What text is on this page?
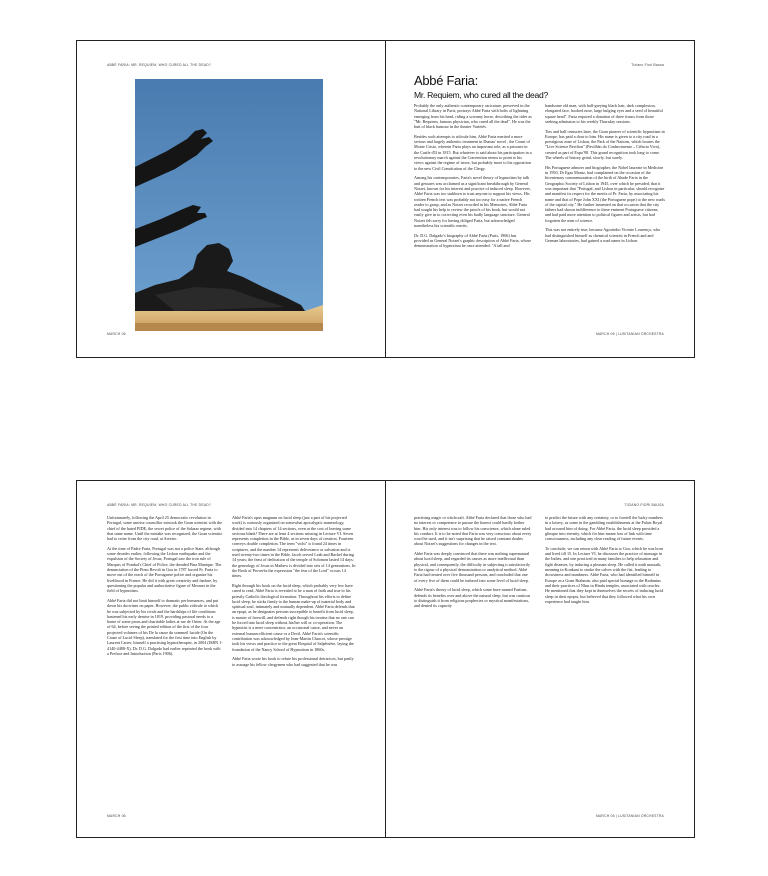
ABBÉ FARIA: MR. REQUIEM, WHO CURED ALL THE DEAD?
MARCH 06
Tiziano Fiori Bausa
Abbé Faria:
Mr. Requiem, who cured all the dead?

Probably the only authentic contemporary caricature, preserved in the National Library in Paris, portrays Abbé Faria with bolts of lightning emerging from his head, riding a screamy horse, describing the rider as "Mr. Requiem, famous physician, who cured all the dead". He was the butt of black humour in the theater Varietés.

Besides such attempts to ridicule him, Abbé Faria merited a more serious and largely authentic treatment in Dumas' novel , the Count of Monte Cristo, wherein Faria plays an important role, as a prisoner in the Castle d'If in 1815. But whatever is said about his participation in a revolutionary march against the Convention seems to point to his views against the regime of terror, but probably more to his opposition to the new Civil Constitution of the Clergy.

Among his contemporaries, Faria's novel theory of hypnotism by talk and gestures was acclaimed as a significant breakthrough by General Noizet, known for his interest and practice of induced sleep. However, Abbé Faria was too stubborn to trust anyone to support his views. His written French text was probably not too easy for a native French reader to grasp, and as Noizet recorded in his Memoires, Abbé Faria had sought his help to review the proofs of his book, but would not easily give in to correcting even his badly language structure. General Noizet felt sorry for having obliged Faria, but acknowledged nonetheless his scientific merits.

Dr. D.G. Dalgado's biography of Abbé Faria (Paris, 1906) has provided as General Noizet's graphic description of Abbé Faria, whose demonstration of hypnotism he once attended: "A tall and

handsome old man, with half-greying black hair, dark complexion, elongated face, hooked nose, large bulging eyes and a seed of beautiful square head". Faria required a donation of three francs from those seeking admission to his weekly Thursday sessions.

Ties and half centuries later, the Goan pioneer of scientific hypnotism in Europe, has paid a dour to him. His name is given to a city road in a prestigious zone of Lisbon, the Park of the Nations, which houses the "Live Science Pavilion" (Pavilhão do Conhecimento – Ciência Viva), created as part of Expo'98. This grand recognition took long to come. The wheels of history grind, slowly, but surely.

His Portuguese admirer and biographer, the Nobel laureate in Medicine in 1950, Dr Egas Moniz, had complained on the occasion of the bicentenary commemoration of the birth of Abade Faria in the Geographic Society of Lisbon in 1945, over which he presided, that it was important that "Portugal, and Lisbon in particular, should recognize and manifest its respect for the merits of Pr. Faria, by associating his name and that of Pope John XXI (the Portuguese pope) to the new roads of the capital city." He further lamented on that occasion that the city fathers had shown indifference to these eminent Portuguese citizens, and had paid more attention to political figures and artists, but had forgotten the men of science.

This was not entirely true, because Agostinho Vicente Lourenço, who had distinguished himself as chemical scientist in French and and German laboratories, had gained a road name in Lisbon.

MARCH 06 | LUSITANIAN ORCHESTRA
ABBÉ FARIA: MR. REQUIEM, WHO CURED ALL THE DEAD?

Unfortunately, following the April 25 democratic revolution in Portugal, some unwise councillor mistook the Goan scientist with the chief of the hated PIDE, the secret police of the Salazar regime, with that same name. Until the mistake was recognized, the Goan scientist had to retire from the city road, at Areeiro.

At the time of Padre Faria, Portugal was not a police State, although some decades earlier, following the Lisbon earthquake and the expulsion of the Society of Jesus, Portugal saw the iron rule of Marquis of Pombal's Chief of Police, the dreaded Pina Manique. The denunciation of the Pinto Revolt in Goa in 1787 forced Fr. Faria to move out of the reach of the Portuguese police and organize his livelihood in France. He did it with great creativity and fanfare, by questioning the popular and authoritative figure of Mesmer in the field of hypnotism.

Abbé Faria did not limit himself to dramatic performances, and put down his doctrines on paper. However, the public ridicule to which he was subjected by his rivals and the hardships of life conditions hastened his early demise in 1819, providing pastoral needs to a home of some pious and charitable ladies at rue de Ortier. At the age of 64, before seeing the printed edition of the first of the four projected volumes of his De la cause du sommeil lucide (On the Cause of Lucid Sleep), translated for the first time into English by Laurent Carrer, himself a practising hypnotherapist, in 2004 (ISBN 1-4140-4488-X). Dr. D.G. Dalgado had earlier reprinted the book with a Preface and Introduction (Paris 1906).

Abbé Faria's opus magnum on lucid sleep (just a part of his projected work) is curiously organized on somewhat apocalyptic numerology, divided into 14 chapters of 14 sections, even at the cost of leaving some sections blank! There are at least 4 sections missing in Lecture VI. Seven represents completion in the Bible, as in seven days of creation. Fourteen conveys double completion. The term "vichi" is found 24 times in scriptures, and the number 14 represents deliverance or salvation and is used twenty-two times in the Bible. Jacob served Leah and Rachel during 14 years; the feast of dedication of the temple of Solomon lasted 14 days; the genealogy of Jesus in Mathew is divided into sets of 14 generations. In the Book of Proverbs the expression "the fear of the Lord" occurs 14 times.

Right through his book on the lucid sleep, which probably very few have cared to read, Abbé Faria is revealed to be a man of faith and true to his priestly Catholic theological formation. Throughout his efforts to define lucid sleep, he sticks firmly to the human make-up of material body and spiritual soul, intimately and mutually dependent. Abbé Faria defends that an epopt, as he designates persons susceptible to benefit from lucid sleep, is master of freewill, and defends right though his treatise that no one can be forced into lucid sleep without his/her will or co-operation. The hypnotist is a mere concentrator, an occasional cause, and never an external human efficient cause or a Devil. Abbé Faria's scientific contribution was acknowledged by Jean-Martin Charcot, whose prestige took his views and practice to the great Hospital of Salpêtrière, laying the foundation of the Nancy School of Hypnotism in 1860s.

Abbé Faria wrote his book to refute his professional detractors, but partly to assuage his fellow clergymen who had suggested that he was

MARCH 06
TIZIANO FIORI BAUSA

practising magic or witchcraft. Abbé Faria declared that those who had no interest or competence to pursue the honest could hardly bother him. His only interest was to follow his conscience, which alone ruled his conduct. It is to be noted that Faria was very conscious about every word he used, and it isn't surprising that he raised constant doubts about Noizet's suggestions for changes in the text.

Abbé Faria was deeply convinced that there was nothing supernatural about lucid sleep, and regarded its causes as more intellectual than physical, and consequently, the difficulty in subjecting it satisfactorily to the rigour of a physical demonstration or analytical method. Abbé Faria had treated over five thousand persons, and concluded that one of every five of them could be induced into some level of lucid sleep.

Abbé Faria's theory of lucid sleep, which some have named Fariism, defends its benefits over and above the natural sleep, but was cautious to distinguish it from religious prophecies or mystical manifestations, and denied its capacity

to predict the future with any certainty, or to foretell the lucky numbers in a lottery, as some in the gambling establishments at the Palais Royal had accused him of doing. For Abbé Faria, the lucid sleep provided a glimpse into eternity, which for him meant loss of link with time consciousness, including any clear reading of future events.

To conclude, we can return with Abbé Faria to Goa, which he was born and lived till 15. In Lecture VI, he discusses the practice of massage in the Indies, and one practiced in many families to help relaxation and fight diseases, by inducing a pleasant sleep. He called it midi massaik, meaning in Konkani to stroke the calves with the fist, leading to drowsiness and numbness. Abbé Faria, who had identified himself in Europe as a Goan Brahmin, also paid special homage to the Brahmins and their practices of Nhas in Hindu temples, associated with oracles. He mentioned that they kept in themselves the secrets of inducing lucid sleep in their epopts, but believed that they followed what his own experience had taught him.

MARCH 06 | LUSITANIAN ORCHESTRA
